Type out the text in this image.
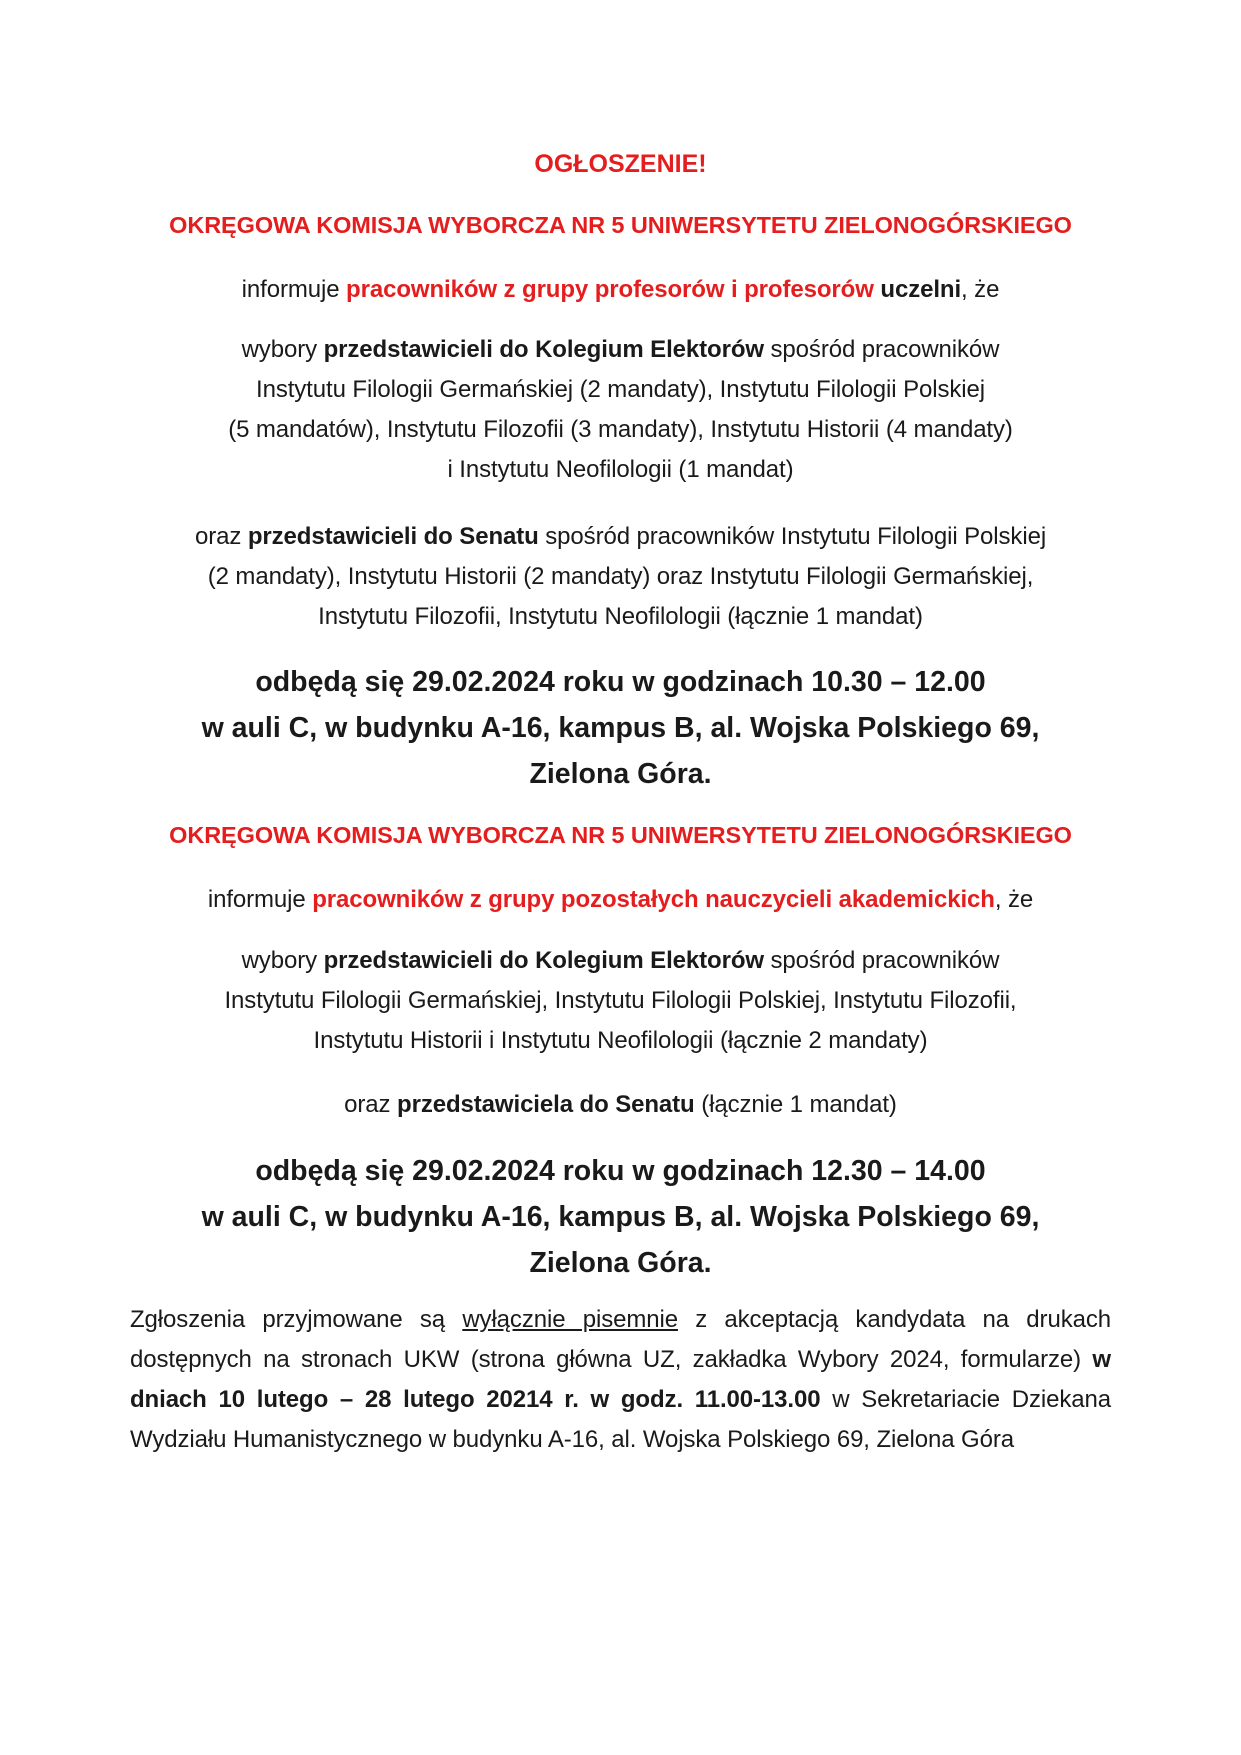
OGŁOSZENIE!

OKRĘGOWA KOMISJA WYBORCZA NR 5 UNIWERSYTETU ZIELONOGÓRSKIEGO

informuje pracowników z grupy profesorów i profesorów uczelni, że

wybory przedstawicieli do Kolegium Elektorów spośród pracowników
Instytutu Filologii Germańskiej (2 mandaty), Instytutu Filologii Polskiej
(5 mandatów), Instytutu Filozofii (3 mandaty), Instytutu Historii (4 mandaty)
i Instytutu Neofilologii (1 mandat)

oraz przedstawicieli do Senatu spośród pracowników Instytutu Filologii Polskiej
(2 mandaty), Instytutu Historii (2 mandaty) oraz Instytutu Filologii Germańskiej,
Instytutu Filozofii, Instytutu Neofilologii (łącznie 1 mandat)

odbędą się 29.02.2024 roku w godzinach 10.30 – 12.00
w auli C, w budynku A-16, kampus B, al. Wojska Polskiego 69,
Zielona Góra.

OKRĘGOWA KOMISJA WYBORCZA NR 5 UNIWERSYTETU ZIELONOGÓRSKIEGO

informuje pracowników z grupy pozostałych nauczycieli akademickich, że

wybory przedstawicieli do Kolegium Elektorów spośród pracowników
Instytutu Filologii Germańskiej, Instytutu Filologii Polskiej, Instytutu Filozofii,
Instytutu Historii i Instytutu Neofilologii (łącznie 2 mandaty)

oraz przedstawiciela do Senatu (łącznie 1 mandat)

odbędą się 29.02.2024 roku w godzinach 12.30 – 14.00
w auli C, w budynku A-16, kampus B, al. Wojska Polskiego 69,
Zielona Góra.

Zgłoszenia przyjmowane są wyłącznie pisemnie z akceptacją kandydata na drukach dostępnych na stronach UKW (strona główna UZ, zakładka Wybory 2024, formularze) w dniach 10 lutego – 28 lutego 20214 r. w godz. 11.00-13.00 w Sekretariacie Dziekana Wydziału Humanistycznego w budynku A-16, al. Wojska Polskiego 69, Zielona Góra
